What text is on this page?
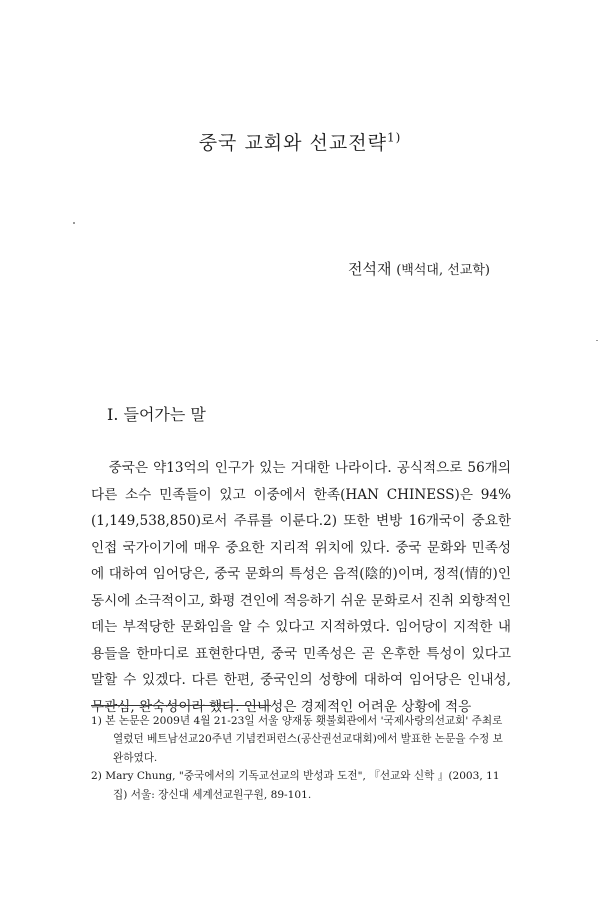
중국 교회와 선교전략$^{1)}$
전석재 (백석대, 선교학)
I. 들어가는 말

중국은 약13억의 인구가 있는 거대한 나라이다. 공식적으로 56개의 다른 소수 민족들이 있고 이중에서 한족(HAN CHINESS)은 94% (1,149,538,850)로서 주류를 이룬다.2) 또한 변방 16개국이 중요한 인접 국가이기에 매우 중요한 지리적 위치에 있다. 중국 문화와 민족성에 대하여 임어당은, 중국 문화의 특성은 음적(陰的)이며, 정적(情的)인 동시에 소극적이고, 화평 견인에 적응하기 쉬운 문화로서 진취 외향적인데는 부적당한 문화임을 알 수 있다고 지적하였다. 임어당이 지적한 내용들을 한마디로 표현한다면, 중국 민족성은 곧 온후한 특성이 있다고 말할 수 있겠다. 다른 한편, 중국인의 성향에 대하여 임어당은 인내성, 무관심, 완숙성이라 했다. 인내성은 경제적인 어려운 상황에 적응

1) 본 논문은 2009년 4월 21-23일 서울 양재동 횃불회관에서 '국제사랑의선교회' 주최로 열렸던 베트남선교20주년 기념컨퍼런스(공산권선교대회)에서 발표한 논문을 수정 보완하였다.

2) Mary Chung, "중국에서의 기독교선교의 반성과 도전", 『선교와 신학 』(2003, 11집) 서울: 장신대 세계선교원구원, 89-101.
